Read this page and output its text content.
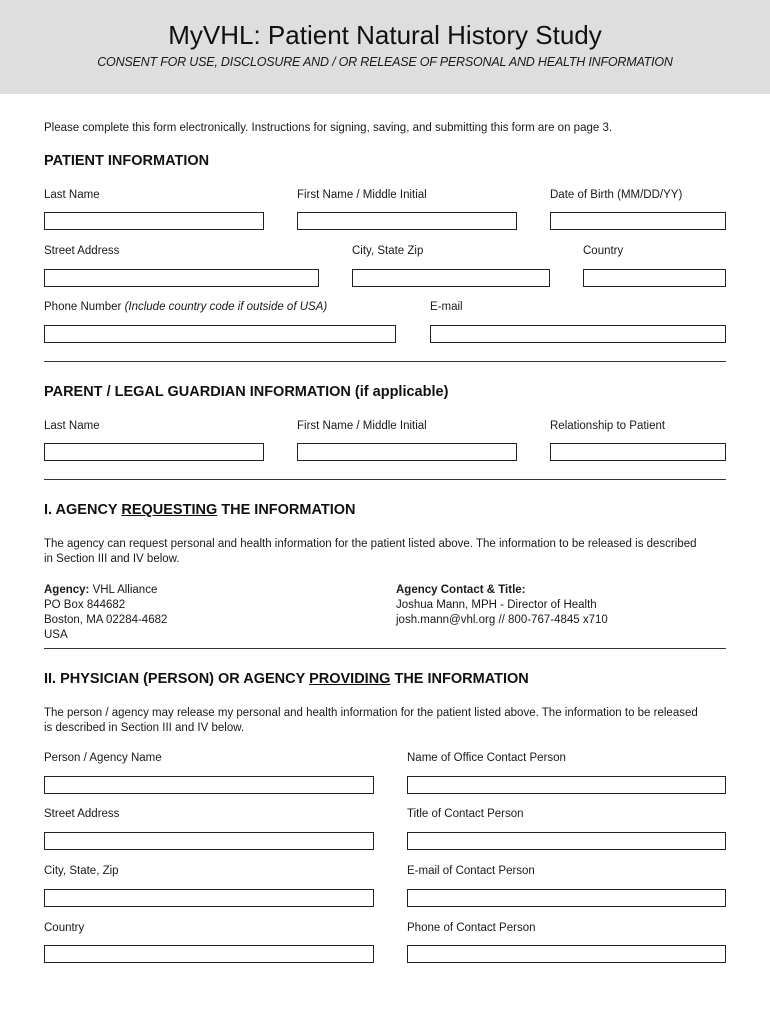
MyVHL: Patient Natural History Study
CONSENT FOR USE, DISCLOSURE AND / OR RELEASE OF PERSONAL AND HEALTH INFORMATION
Please complete this form electronically. Instructions for signing, saving, and submitting this form are on page 3.
PATIENT INFORMATION
Last Name	First Name / Middle Initial	Date of Birth (MM/DD/YY)
Street Address	City, State Zip	Country
Phone Number (Include country code if outside of USA)	E-mail
PARENT / LEGAL GUARDIAN INFORMATION (if applicable)
Last Name	First Name / Middle Initial	Relationship to Patient
I. AGENCY REQUESTING THE INFORMATION
The agency can request personal and health information for the patient listed above. The information to be released is described in Section III and IV below.
Agency: VHL Alliance
PO Box 844682
Boston, MA 02284-4682
USA
Agency Contact & Title:
Joshua Mann, MPH - Director of Health
josh.mann@vhl.org // 800-767-4845 x710
II. PHYSICIAN (PERSON) OR AGENCY PROVIDING THE INFORMATION
The person / agency may release my personal and health information for the patient listed above. The information to be released is described in Section III and IV below.
Person / Agency Name	Name of Office Contact Person
Street Address	Title of Contact Person
City, State, Zip	E-mail of Contact Person
Country	Phone of Contact Person
